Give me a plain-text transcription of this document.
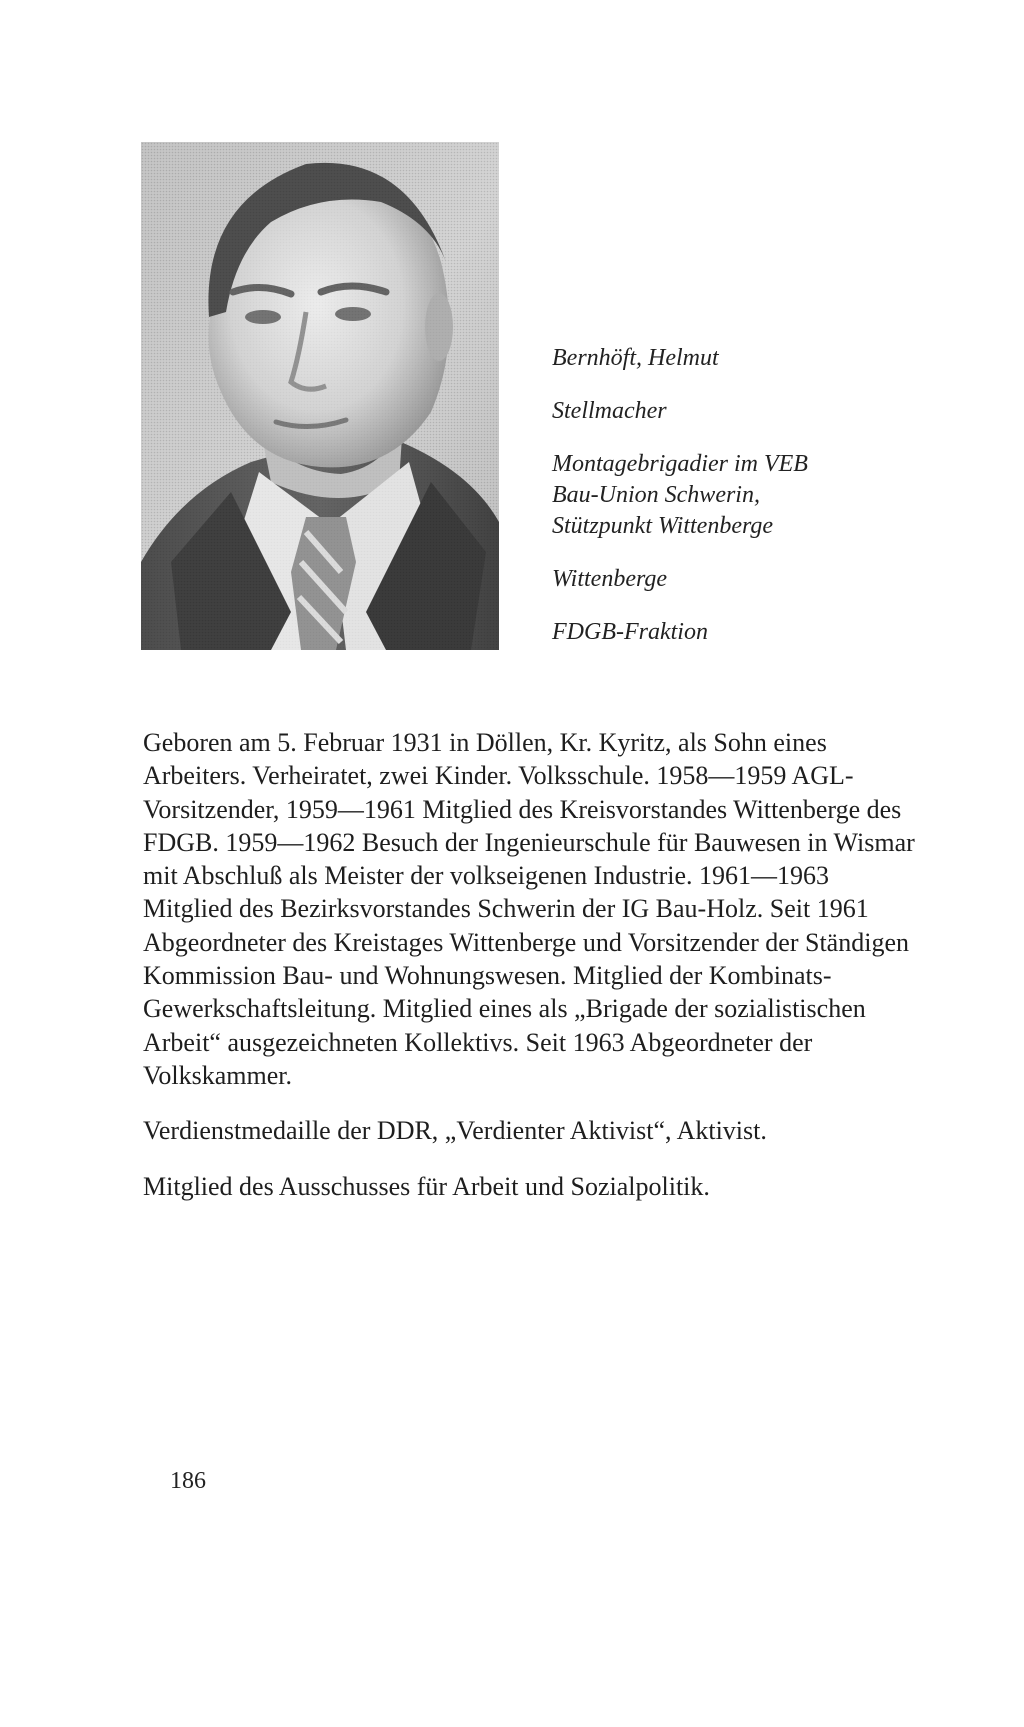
Bernhöft, Helmut
Stellmacher
Montagebrigadier im VEB
Bau-Union Schwerin,
Stützpunkt Wittenberge
Wittenberge
FDGB-Fraktion

Geboren am 5. Februar 1931 in Döllen, Kr. Kyritz, als Sohn eines Arbeiters. Verheiratet, zwei Kinder. Volksschule. 1958—1959 AGL-Vorsitzender, 1959—1961 Mitglied des Kreisvorstandes Wittenberge des FDGB. 1959—1962 Besuch der Ingenieurschule für Bauwesen in Wismar mit Abschluß als Meister der volkseigenen Industrie. 1961—1963 Mitglied des Bezirksvorstandes Schwerin der IG Bau-Holz. Seit 1961 Abgeordneter des Kreistages Wittenberge und Vorsitzender der Ständigen Kommission Bau- und Wohnungswesen. Mitglied der Kombinats-Gewerkschaftsleitung. Mitglied eines als „Brigade der sozialistischen Arbeit“ ausgezeichneten Kollektivs. Seit 1963 Abgeordneter der Volkskammer.

Verdienstmedaille der DDR, „Verdienter Aktivist“, Aktivist.

Mitglied des Ausschusses für Arbeit und Sozialpolitik.

186
